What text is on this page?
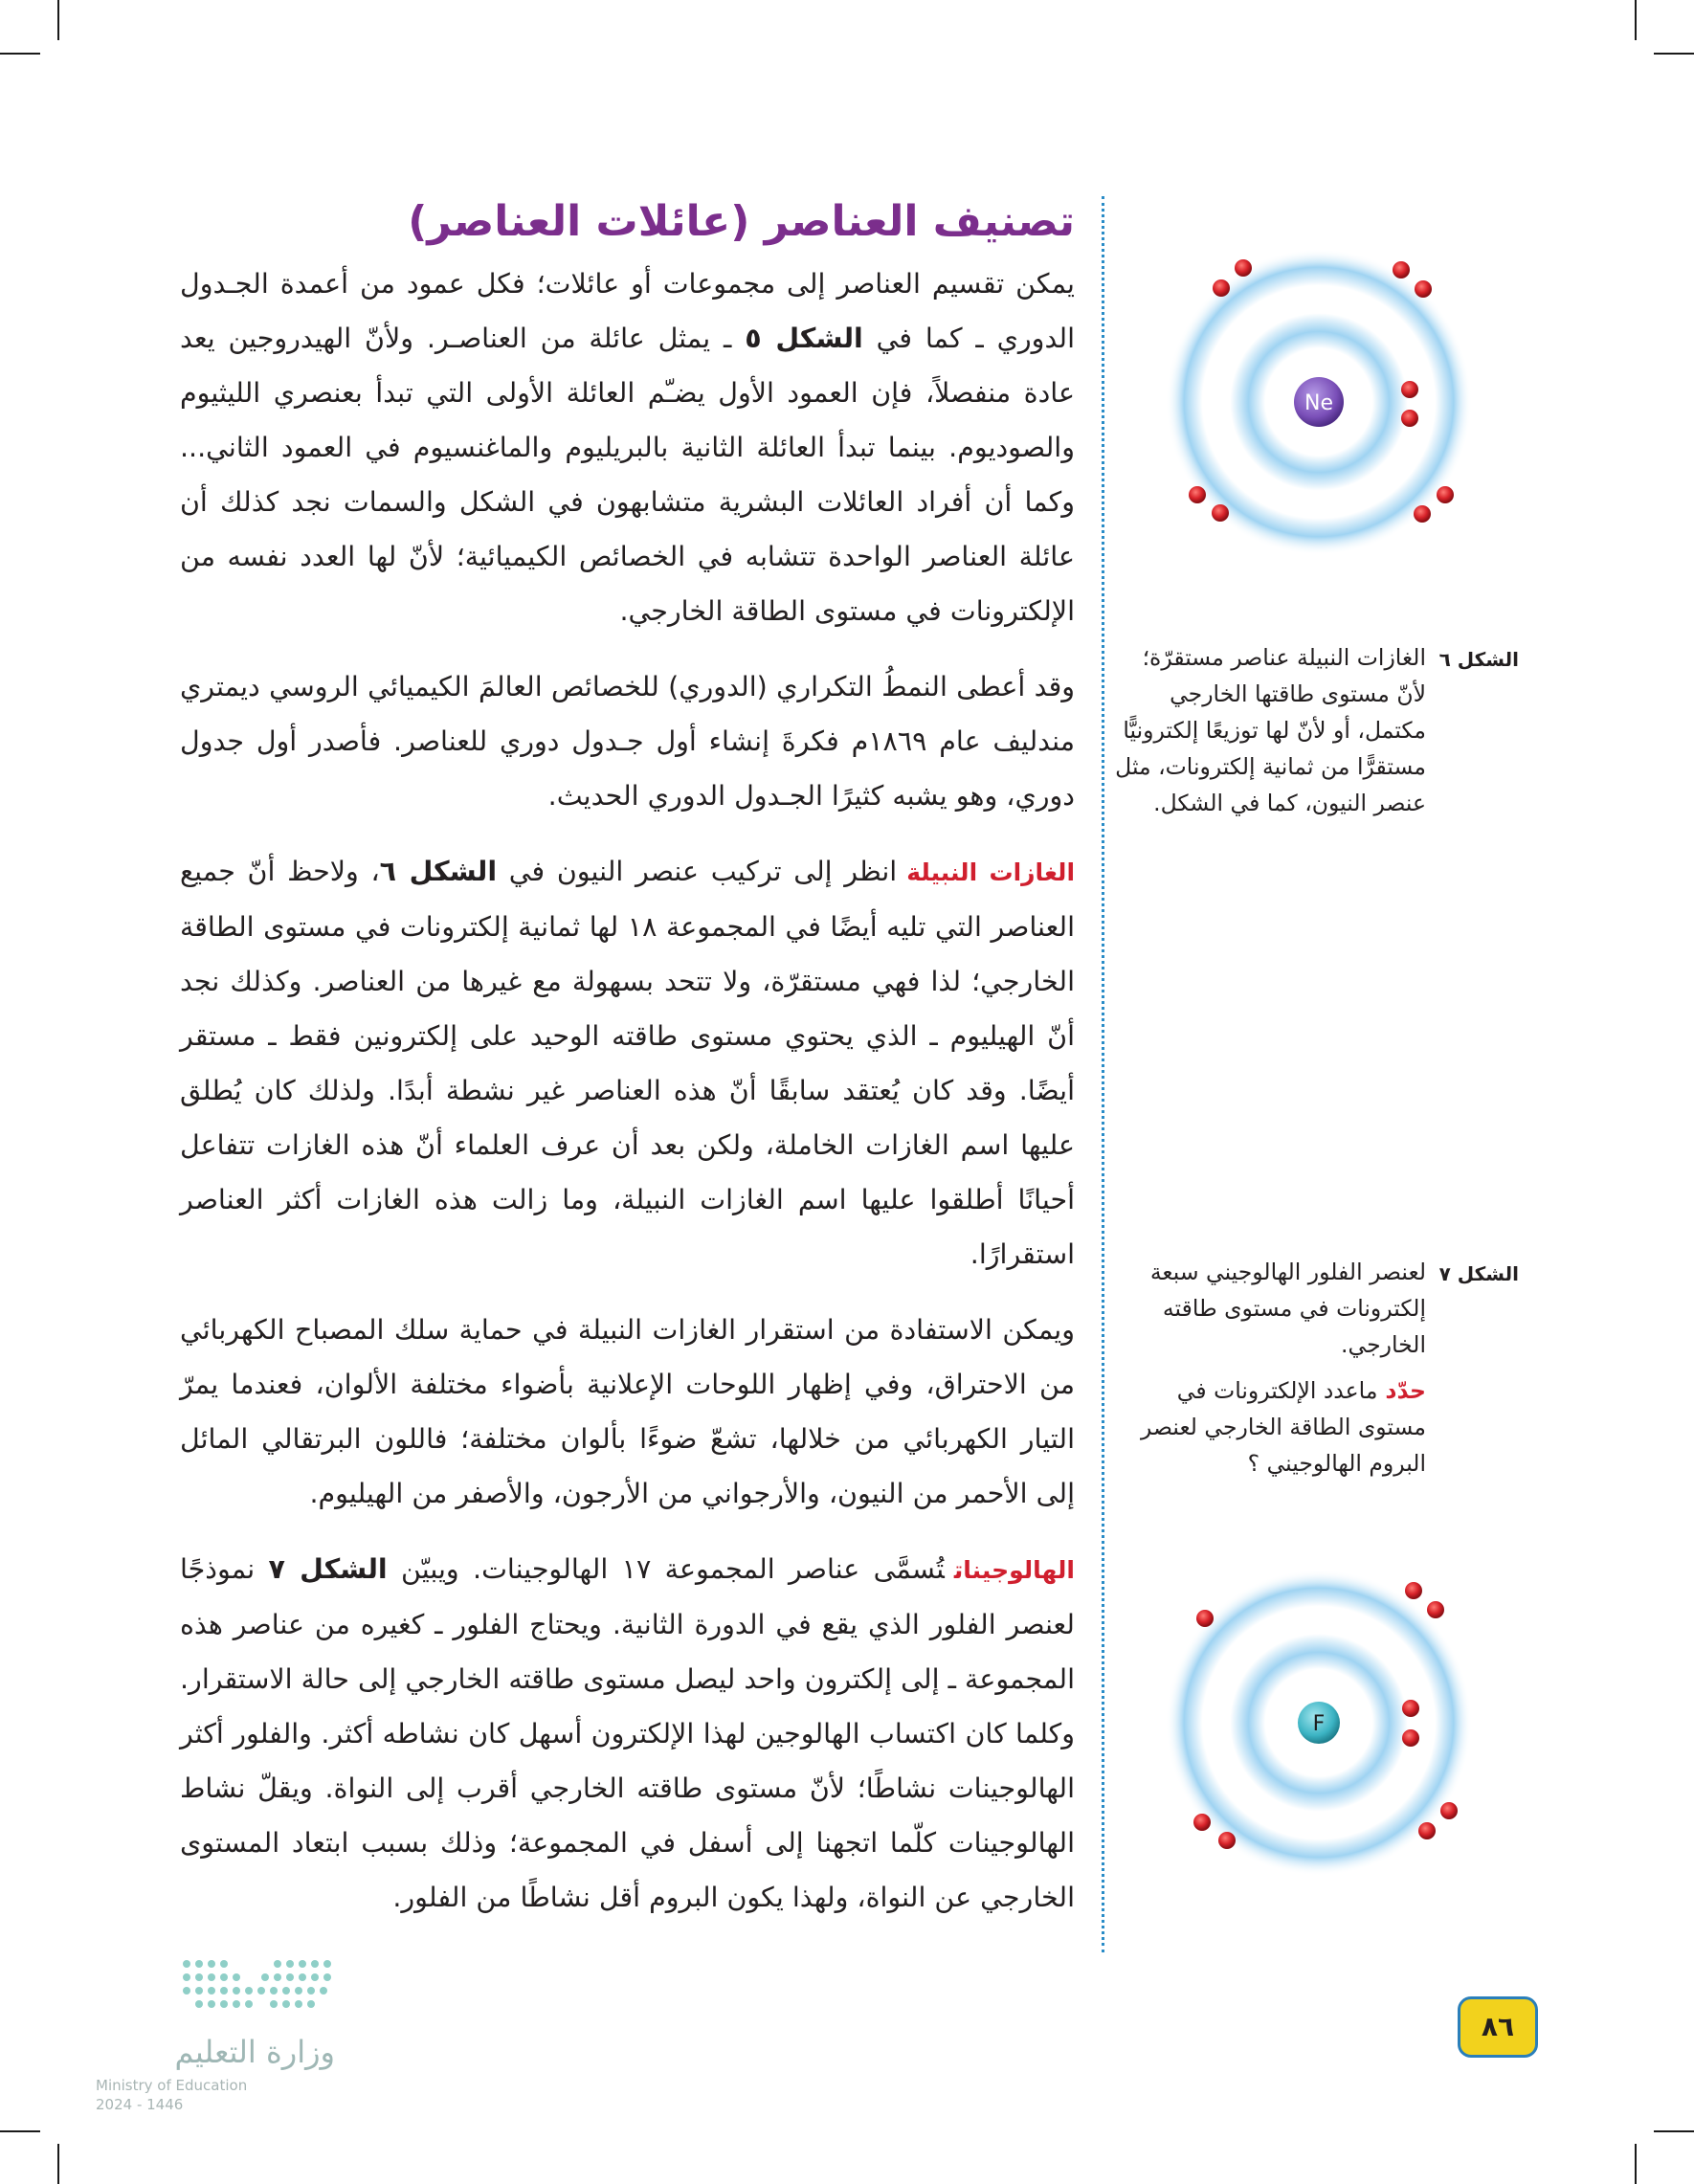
تصنيف العناصر (عائلات العناصر)

يمكن تقسيم العناصر إلى مجموعات أو عائلات؛ فكل عمود من أعمدة الجـدول الدوري ـ كما في الشكل ٥ ـ يمثل عائلة من العناصـر. ولأنّ الهيدروجين يعد عادة منفصلاً، فإن العمود الأول يضـّم العائلة الأولى التي تبدأ بعنصري الليثيوم والصوديوم. بينما تبدأ العائلة الثانية بالبريليوم والماغنسيوم في العمود الثاني... وكما أن أفراد العائلات البشرية متشابهون في الشكل والسمات نجد كذلك أن عائلة العناصر الواحدة تتشابه في الخصائص الكيميائية؛ لأنّ لها العدد نفسه من الإلكترونات في مستوى الطاقة الخارجي.

وقد أعطى النمطُ التكراري (الدوري) للخصائص العالمَ الكيميائي الروسي ديمتري مندليف عام ١٨٦٩م فكرةَ إنشاء أول جـدول دوري للعناصر. فأصدر أول جدول دوري، وهو يشبه كثيرًا الجـدول الدوري الحديث.

الغازات النبيلةانظر إلى تركيب عنصر النيون في الشكل ٦، ولاحظ أنّ جميع العناصر التي تليه أيضًا في المجموعة ١٨ لها ثمانية إلكترونات في مستوى الطاقة الخارجي؛ لذا فهي مستقرّة، ولا تتحد بسهولة مع غيرها من العناصر. وكذلك نجد أنّ الهيليوم ـ الذي يحتوي مستوى طاقته الوحيد على إلكترونين فقط ـ مستقر أيضًا. وقد كان يُعتقد سابقًا أنّ هذه العناصر غير نشطة أبدًا. ولذلك كان يُطلق عليها اسم الغازات الخاملة، ولكن بعد أن عرف العلماء أنّ هذه الغازات تتفاعل أحيانًا أطلقوا عليها اسم الغازات النبيلة، وما زالت هذه الغازات أكثر العناصر استقرارًا.

ويمكن الاستفادة من استقرار الغازات النبيلة في حماية سلك المصباح الكهربائي من الاحتراق، وفي إظهار اللوحات الإعلانية بأضواء مختلفة الألوان، فعندما يمرّ التيار الكهربائي من خلالها، تشعّ ضوءًا بألوان مختلفة؛ فاللون البرتقالي المائل إلى الأحمر من النيون، والأرجواني من الأرجون، والأصفر من الهيليوم.

الهالوجيناتتُسمَّى عناصر المجموعة ١٧ الهالوجينات. ويبيّن الشكل ٧ نموذجًا لعنصر الفلور الذي يقع في الدورة الثانية. ويحتاج الفلور ـ كغيره من عناصر هذه المجموعة ـ إلى إلكترون واحد ليصل مستوى طاقته الخارجي إلى حالة الاستقرار. وكلما كان اكتساب الهالوجين لهذا الإلكترون أسهل كان نشاطه أكثر. والفلور أكثر الهالوجينات نشاطًا؛ لأنّ مستوى طاقته الخارجي أقرب إلى النواة. ويقلّ نشاط الهالوجينات كلّما اتجهنا إلى أسفل في المجموعة؛ وذلك بسبب ابتعاد المستوى الخارجي عن النواة، ولهذا يكون البروم أقل نشاطًا من الفلور.

Ne
الشكل ٦
الغازات النبيلة عناصر مستقرّة؛ لأنّ مستوى طاقتها الخارجي مكتمل، أو لأنّ لها توزيعًا إلكترونيًّا مستقرًّا من ثمانية إلكترونات، مثل عنصر النيون، كما في الشكل.
الشكل ٧
لعنصر الفلور الهالوجيني سبعة إلكترونات في مستوى طاقته الخارجي.
حدّدماعدد الإلكترونات في مستوى الطاقة الخارجي لعنصر البروم الهالوجيني ؟
F
٨٦
وزارة التعليم
Ministry of Education
2024 - 1446
